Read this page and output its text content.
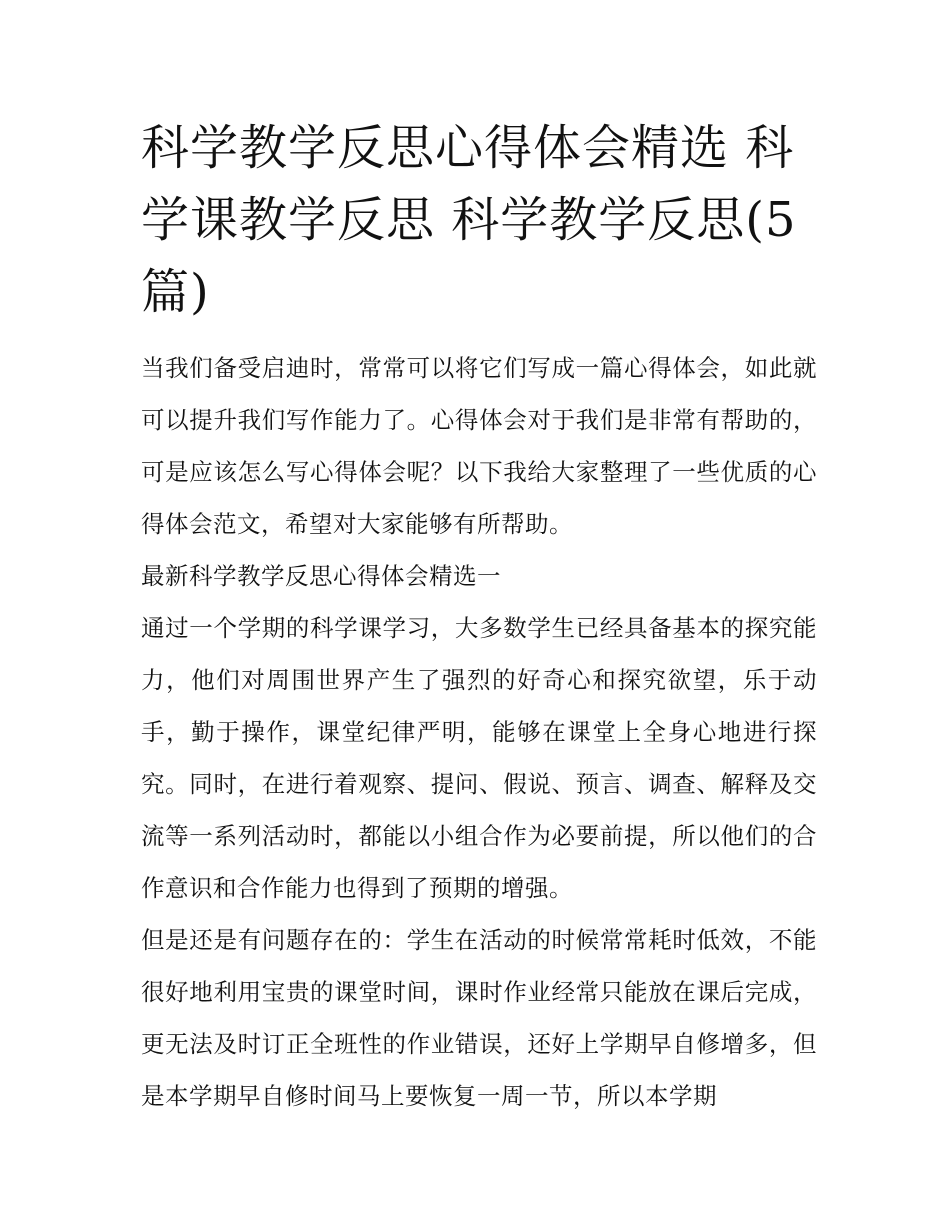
科学教学反思心得体会精选 科学课教学反思 科学教学反思(5篇)

当我们备受启迪时，常常可以将它们写成一篇心得体会，如此就可以提升我们写作能力了。心得体会对于我们是非常有帮助的，可是应该怎么写心得体会呢？以下我给大家整理了一些优质的心得体会范文，希望对大家能够有所帮助。

最新科学教学反思心得体会精选一

通过一个学期的科学课学习，大多数学生已经具备基本的探究能力，他们对周围世界产生了强烈的好奇心和探究欲望，乐于动手，勤于操作，课堂纪律严明，能够在课堂上全身心地进行探究。同时，在进行着观察、提问、假说、预言、调查、解释及交流等一系列活动时，都能以小组合作为必要前提，所以他们的合作意识和合作能力也得到了预期的增强。

但是还是有问题存在的：学生在活动的时候常常耗时低效，不能很好地利用宝贵的课堂时间，课时作业经常只能放在课后完成，更无法及时订正全班性的作业错误，还好上学期早自修增多，但是本学期早自修时间马上要恢复一周一节，所以本学期
